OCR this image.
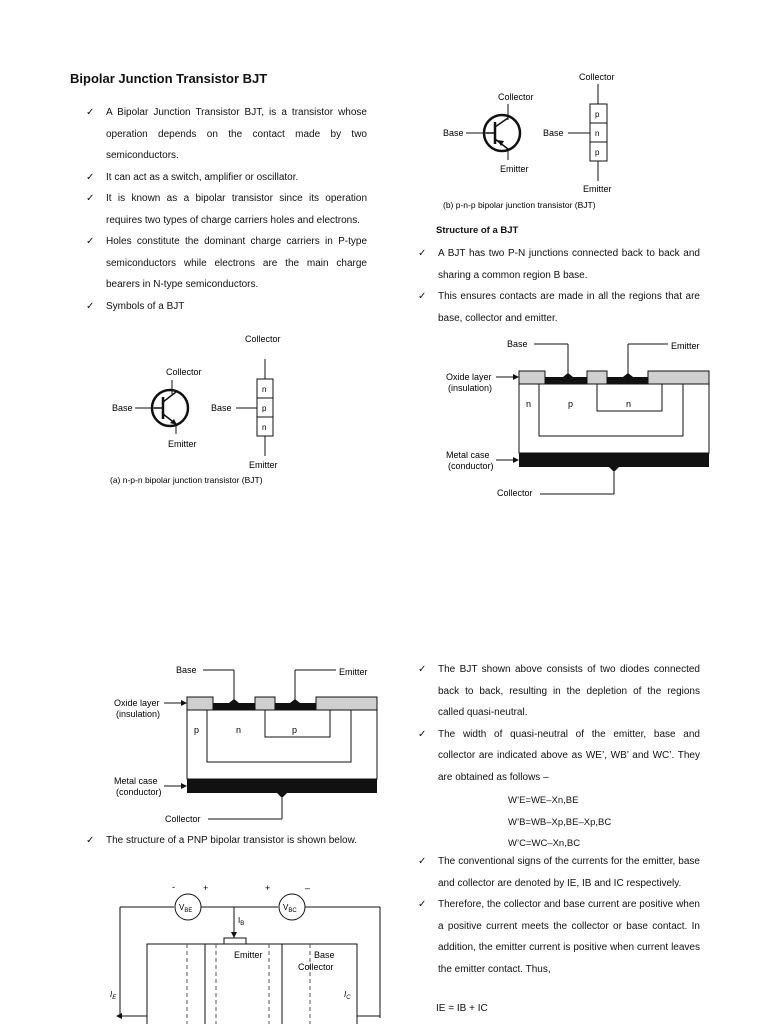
Bipolar Junction Transistor BJT
✓ A Bipolar Junction Transistor BJT, is a transistor whose operation depends on the contact made by two semiconductors.
✓ It can act as a switch, amplifier or oscillator.
✓ It is known as a bipolar transistor since its operation requires two types of charge carriers holes and electrons.
✓ Holes constitute the dominant charge carriers in P-type semiconductors while electrons are the main charge bearers in N-type semiconductors.
✓ Symbols of a BJT
Collector
Base
Emitter
Collector
n
p
n
Base
Emitter
(a) n-p-n bipolar junction transistor (BJT)
Collector
Base
Emitter
Collector
p
n
p
Base
Emitter
(b) p-n-p bipolar junction transistor (BJT)
Structure of a BJT
✓ A BJT has two P-N junctions connected back to back and sharing a common region B base.
✓ This ensures contacts are made in all the regions that are base, collector and emitter.
Base	Emitter
Oxide layer
(insulation)
n	p	n
Metal case
(conductor)
Collector
Base	Emitter
Oxide layer
(insulation)
p	n	p
Metal case
(conductor)
Collector
✓ The structure of a PNP bipolar transistor is shown below.
-	+	+	–
$V_{BE}$	$V_{BC}$
$I_B$
Emitter	Base
Collector
$I_E$	$I_C$
✓ The BJT shown above consists of two diodes connected back to back, resulting in the depletion of the regions called quasi-neutral.
✓ The width of quasi-neutral of the emitter, base and collector are indicated above as WE’, WB’ and WC’. They are obtained as follows –
W’E=WE–Xn,BE
W’B=WB–Xp,BE–Xp,BC
W’C=WC–Xn,BC
✓ The conventional signs of the currents for the emitter, base and collector are denoted by IE, IB and IC respectively.
✓ Therefore, the collector and base current are positive when a positive current meets the collector or base contact. In addition, the emitter current is positive when current leaves the emitter contact. Thus,
IE = IB + IC
